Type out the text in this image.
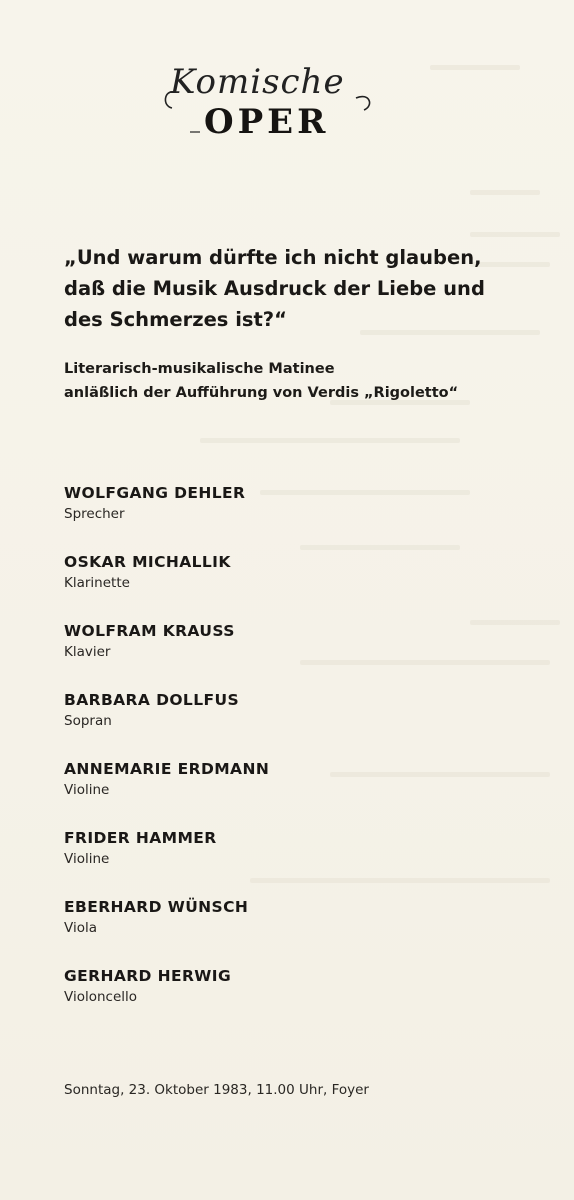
Komische
OPER
„Und warum dürfte ich nicht glauben,
daß die Musik Ausdruck der Liebe und
des Schmerzes ist?“
Literarisch-musikalische Matinee
anläßlich der Aufführung von Verdis „Rigoletto“
WOLFGANG DEHLER
Sprecher
OSKAR MICHALLIK
Klarinette
WOLFRAM KRAUSS
Klavier
BARBARA DOLLFUS
Sopran
ANNEMARIE ERDMANN
Violine
FRIDER HAMMER
Violine
EBERHARD WÜNSCH
Viola
GERHARD HERWIG
Violoncello
Sonntag, 23. Oktober 1983, 11.00 Uhr, Foyer
